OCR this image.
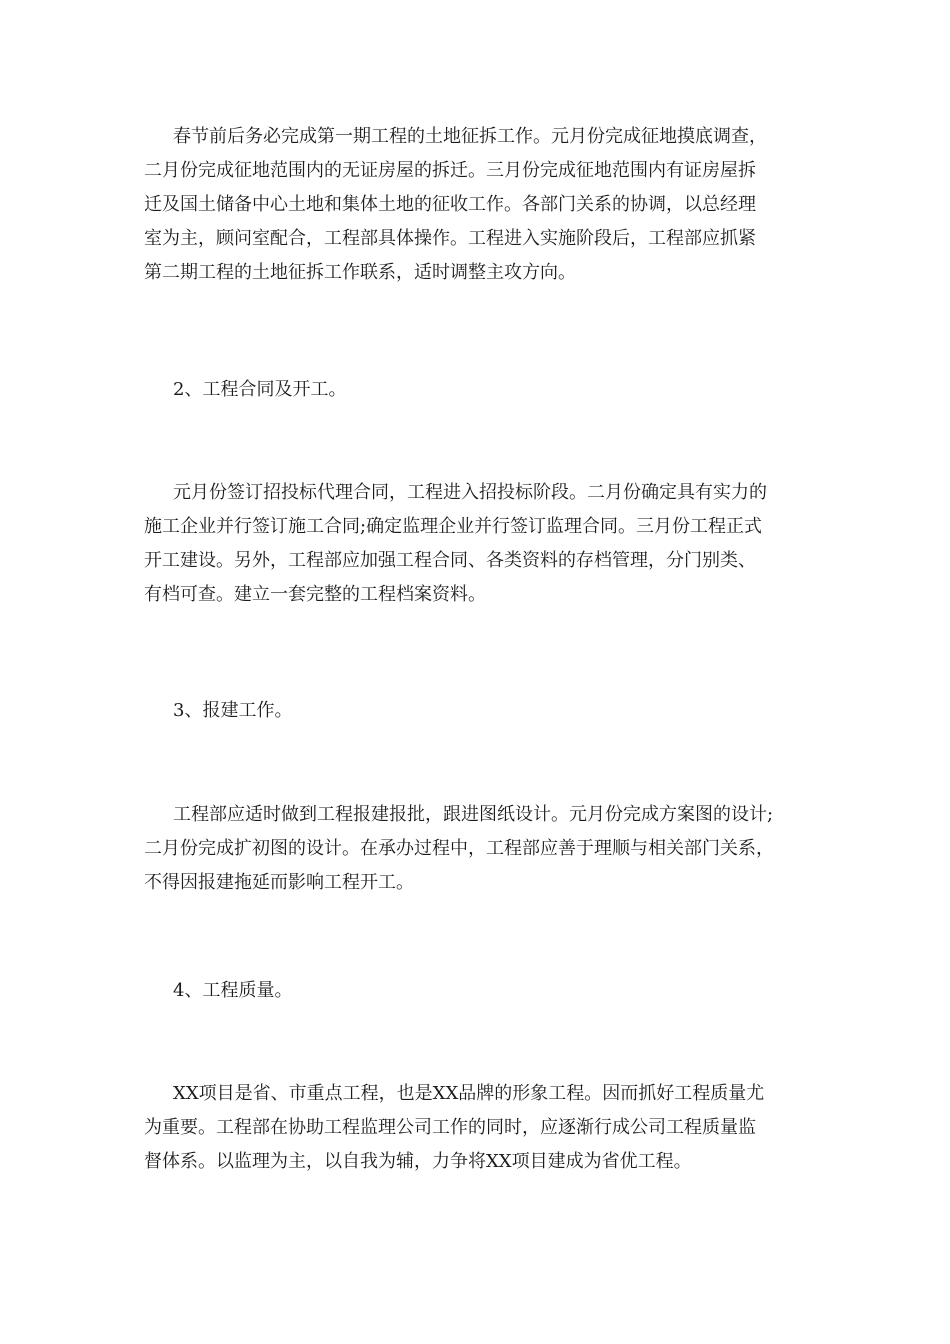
春节前后务必完成第一期工程的土地征拆工作。元月份完成征地摸底调查，
二月份完成征地范围内的无证房屋的拆迁。三月份完成征地范围内有证房屋拆
迁及国土储备中心土地和集体土地的征收工作。各部门关系的协调，以总经理
室为主，顾问室配合，工程部具体操作。工程进入实施阶段后，工程部应抓紧
第二期工程的土地征拆工作联系，适时调整主攻方向。
2、工程合同及开工。
元月份签订招投标代理合同，工程进入招投标阶段。二月份确定具有实力的
施工企业并行签订施工合同;确定监理企业并行签订监理合同。三月份工程正式
开工建设。另外，工程部应加强工程合同、各类资料的存档管理，分门别类、
有档可查。建立一套完整的工程档案资料。
3、报建工作。
工程部应适时做到工程报建报批，跟进图纸设计。元月份完成方案图的设计;
二月份完成扩初图的设计。在承办过程中，工程部应善于理顺与相关部门关系，
不得因报建拖延而影响工程开工。
4、工程质量。
XX项目是省、市重点工程，也是XX品牌的形象工程。因而抓好工程质量尤
为重要。工程部在协助工程监理公司工作的同时，应逐渐行成公司工程质量监
督体系。以监理为主，以自我为辅，力争将XX项目建成为省优工程。
